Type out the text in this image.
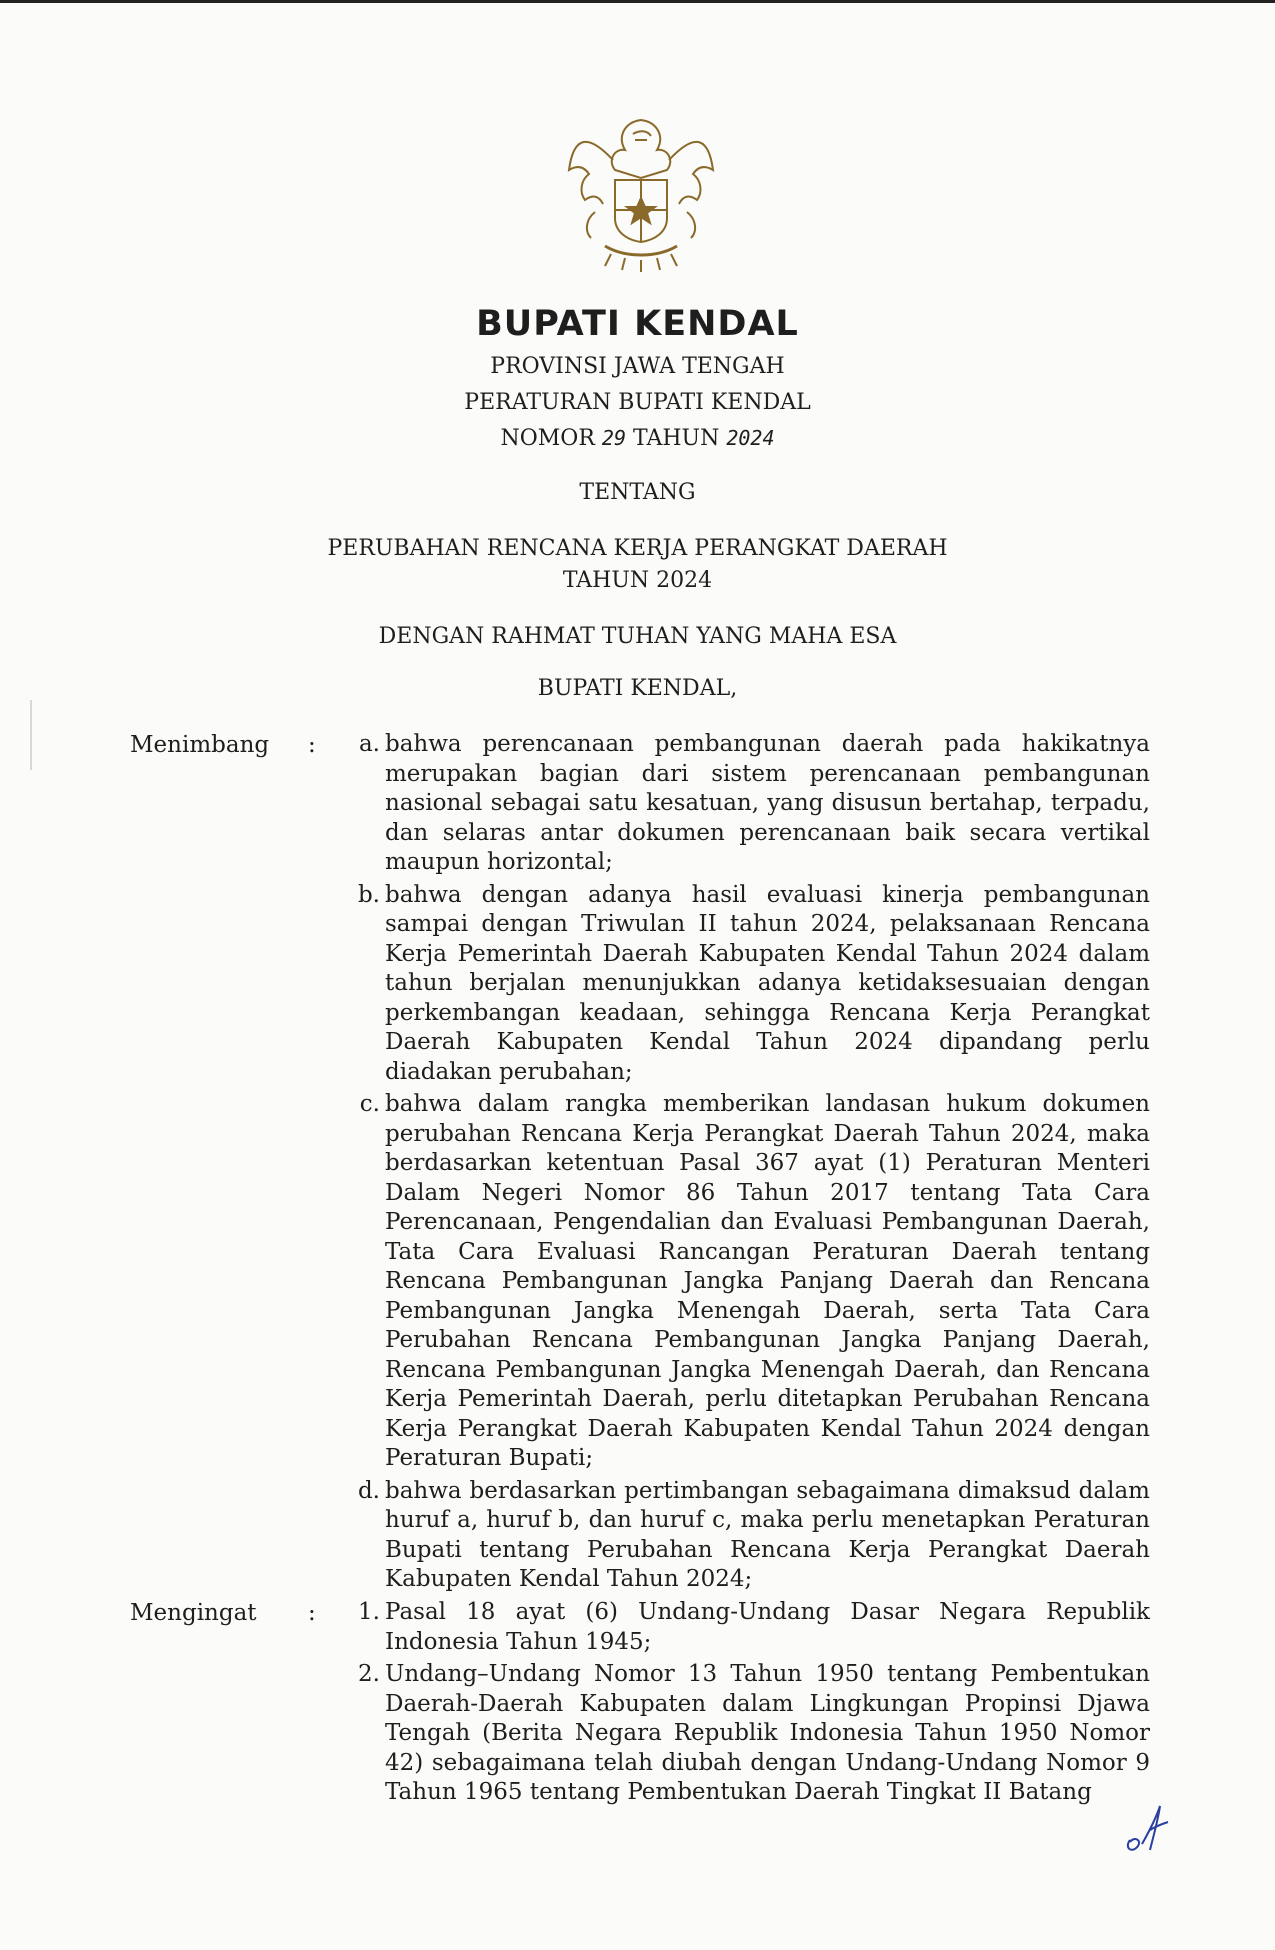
BUPATI KENDAL
PROVINSI JAWA TENGAH
PERATURAN BUPATI KENDAL
NOMOR 29 TAHUN 2024
TENTANG
PERUBAHAN RENCANA KERJA PERANGKAT DAERAH
TAHUN 2024
DENGAN RAHMAT TUHAN YANG MAHA ESA
BUPATI KENDAL,
Menimbang :	a. bahwa perencanaan pembangunan daerah pada hakikatnya merupakan bagian dari sistem perencanaan pembangunan nasional sebagai satu kesatuan, yang disusun bertahap, terpadu, dan selaras antar dokumen perencanaan baik secara vertikal maupun horizontal;
b. bahwa dengan adanya hasil evaluasi kinerja pembangunan sampai dengan Triwulan II tahun 2024, pelaksanaan Rencana Kerja Pemerintah Daerah Kabupaten Kendal Tahun 2024 dalam tahun berjalan menunjukkan adanya ketidaksesuaian dengan perkembangan keadaan, sehingga Rencana Kerja Perangkat Daerah Kabupaten Kendal Tahun 2024 dipandang perlu diadakan perubahan;
c. bahwa dalam rangka memberikan landasan hukum dokumen perubahan Rencana Kerja Perangkat Daerah Tahun 2024, maka berdasarkan ketentuan Pasal 367 ayat (1) Peraturan Menteri Dalam Negeri Nomor 86 Tahun 2017 tentang Tata Cara Perencanaan, Pengendalian dan Evaluasi Pembangunan Daerah, Tata Cara Evaluasi Rancangan Peraturan Daerah tentang Rencana Pembangunan Jangka Panjang Daerah dan Rencana Pembangunan Jangka Menengah Daerah, serta Tata Cara Perubahan Rencana Pembangunan Jangka Panjang Daerah, Rencana Pembangunan Jangka Menengah Daerah, dan Rencana Kerja Pemerintah Daerah, perlu ditetapkan Perubahan Rencana Kerja Perangkat Daerah Kabupaten Kendal Tahun 2024 dengan Peraturan Bupati;
d. bahwa berdasarkan pertimbangan sebagaimana dimaksud dalam huruf a, huruf b, dan huruf c, maka perlu menetapkan Peraturan Bupati tentang Perubahan Rencana Kerja Perangkat Daerah Kabupaten Kendal Tahun 2024;
Mengingat :	1. Pasal 18 ayat (6) Undang-Undang Dasar Negara Republik Indonesia Tahun 1945;
2. Undang–Undang Nomor 13 Tahun 1950 tentang Pembentukan Daerah-Daerah Kabupaten dalam Lingkungan Propinsi Djawa Tengah (Berita Negara Republik Indonesia Tahun 1950 Nomor 42) sebagaimana telah diubah dengan Undang-Undang Nomor 9 Tahun 1965 tentang Pembentukan Daerah Tingkat II Batang
